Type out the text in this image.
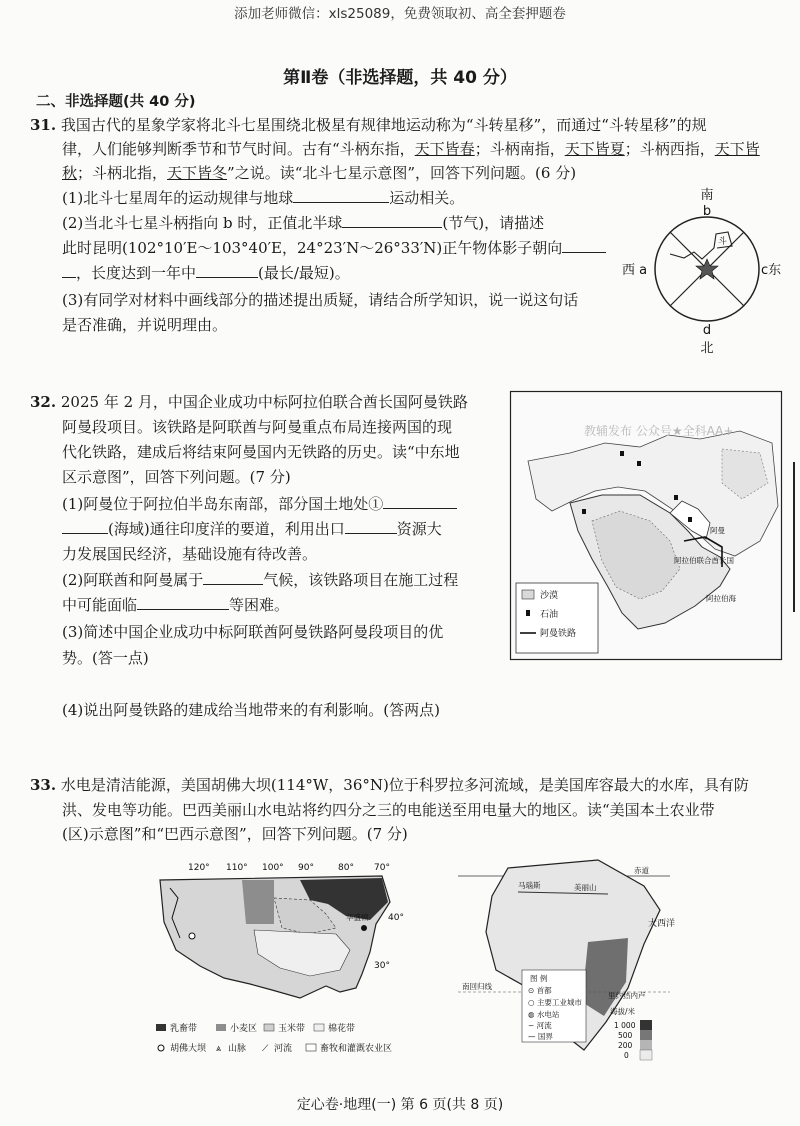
添加老师微信：xls25089，免费领取初、高全套押题卷
第Ⅱ卷（非选择题，共 40 分）
二、非选择题(共 40 分)
31. 我国古代的星象学家将北斗七星围绕北极星有规律地运动称为“斗转星移”，而通过“斗转星移”的规
律，人们能够判断季节和节气时间。古有“斗柄东指，天下皆春；斗柄南指，天下皆夏；斗柄西指，天下皆
秋；斗柄北指，天下皆冬”之说。读“北斗七星示意图”，回答下列问题。(6 分)
(1)北斗七星周年的运动规律与地球	运动相关。
(2)当北斗七星斗柄指向 b 时，正值北半球	(节气)，请描述
此时昆明(102°10′E～103°40′E，24°23′N～26°33′N)正午物体影子朝向
，长度达到一年中	(最长/最短)。
(3)有同学对材料中画线部分的描述提出质疑，请结合所学知识，说一说这句话
是否准确，并说明理由。
南
b
斗
西 a	c东
d
北
32. 2025 年 2 月，中国企业成功中标阿拉伯联合酋长国阿曼铁路
阿曼段项目。该铁路是阿联酋与阿曼重点布局连接两国的现
代化铁路，建成后将结束阿曼国内无铁路的历史。读“中东地
区示意图”，回答下列问题。(7 分)
(1)阿曼位于阿拉伯半岛东南部，部分国土地处①
(海域)通往印度洋的要道，利用出口	资源大
力发展国民经济，基础设施有待改善。
(2)阿联酋和阿曼属于	气候，该铁路项目在施工过程
中可能面临	等困难。
(3)简述中国企业成功中标阿联酋阿曼铁路阿曼段项目的优
势。(答一点)
(4)说出阿曼铁路的建成给当地带来的有利影响。(答两点)
阿曼
阿拉伯联合酋长国
阿拉伯海
沙漠
石油
阿曼铁路
教辅发布 公众号★全科AA+
33. 水电是清洁能源，美国胡佛大坝(114°W，36°N)位于科罗拉多河流域，是美国库容最大的水库，具有防
洪、发电等功能。巴西美丽山水电站将约四分之三的电能送至用电量大的地区。读“美国本土农业带
(区)示意图”和“巴西示意图”，回答下列问题。(7 分)
120° 110° 100° 90°	80° 70°
华盛顿 40°
30°
乳畜带	小麦区 玉米带	棉花带
胡佛大坝 ⩓ 山脉 ⟋ 河流	畜牧和灌溉农业区
赤道
大西洋
美丽山
马瑙斯
里约热内卢
南回归线
图 例
⊙ 首都
○ 主要工业城市
◍ 水电站
∽ 河流
— 国界
海拔/米
1 000
500
200
0
定心卷·地理(一) 第 6 页(共 8 页)
